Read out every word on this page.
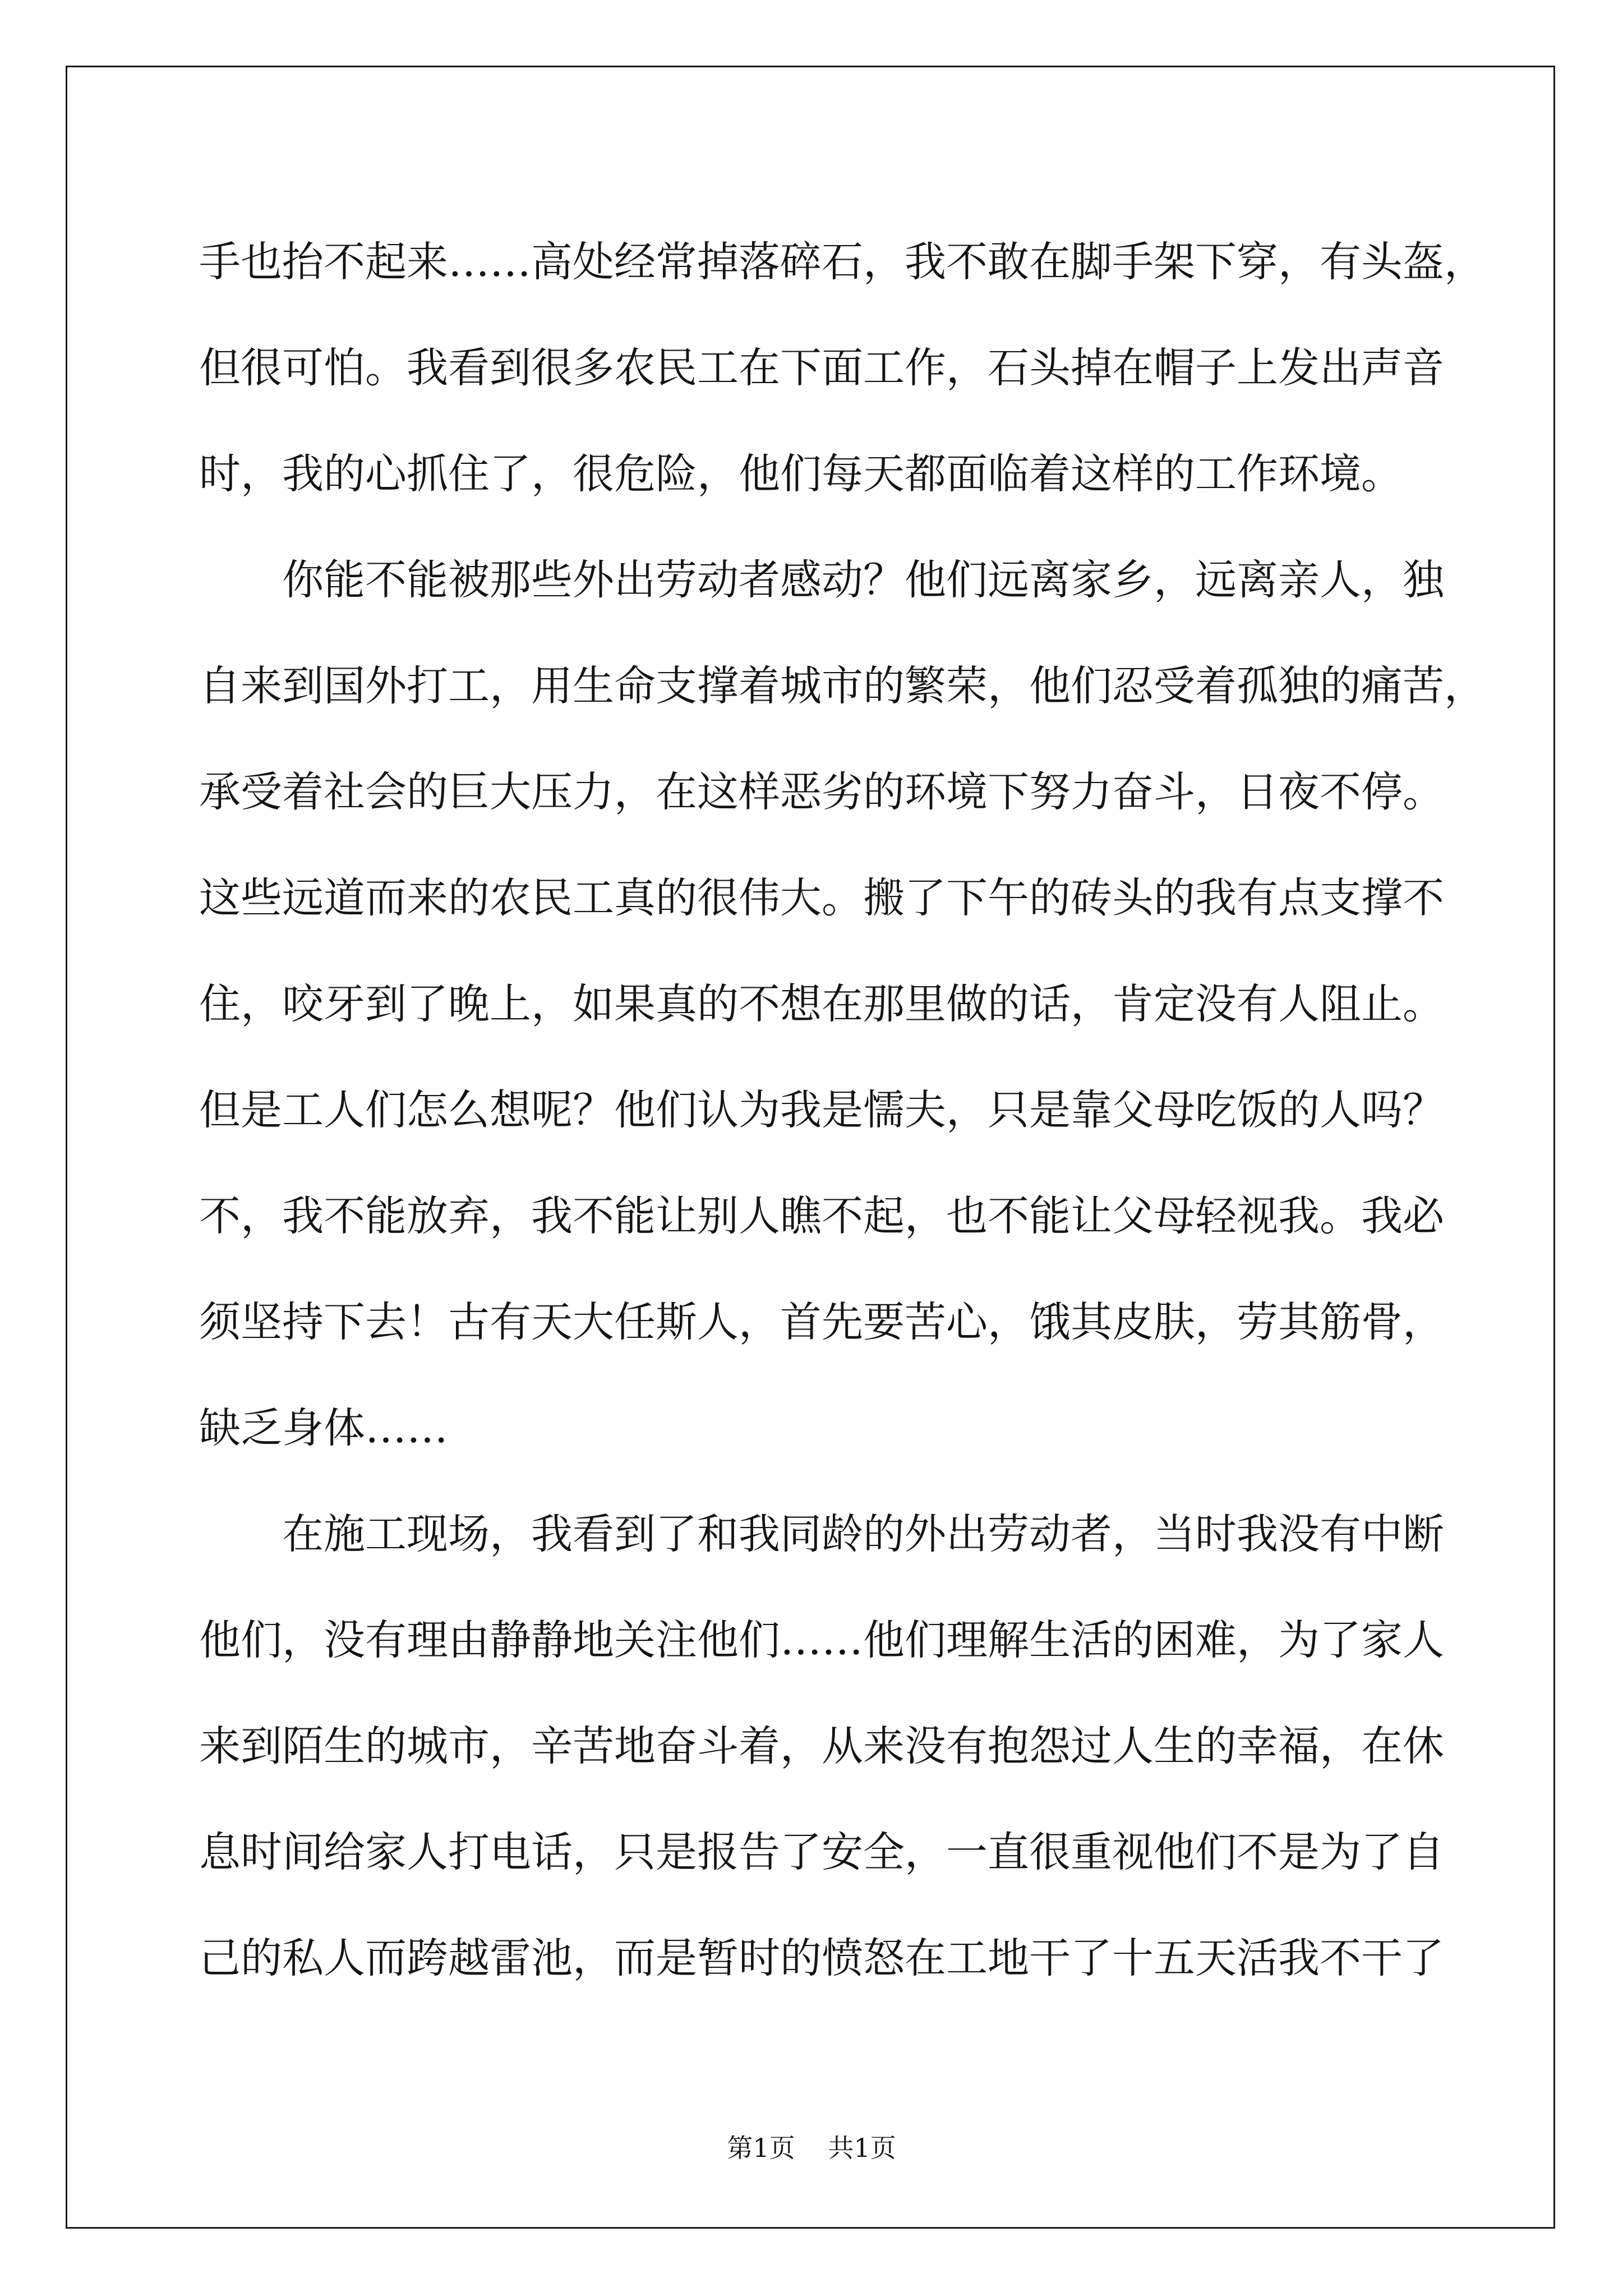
手也抬不起来……高处经常掉落碎石，我不敢在脚手架下穿，有头盔，
但很可怕。我看到很多农民工在下面工作，石头掉在帽子上发出声音
时，我的心抓住了，很危险，他们每天都面临着这样的工作环境。
你能不能被那些外出劳动者感动？他们远离家乡，远离亲人，独
自来到国外打工，用生命支撑着城市的繁荣，他们忍受着孤独的痛苦，
承受着社会的巨大压力，在这样恶劣的环境下努力奋斗，日夜不停。
这些远道而来的农民工真的很伟大。搬了下午的砖头的我有点支撑不
住，咬牙到了晚上，如果真的不想在那里做的话，肯定没有人阻止。
但是工人们怎么想呢？他们认为我是懦夫，只是靠父母吃饭的人吗？
不，我不能放弃，我不能让别人瞧不起，也不能让父母轻视我。我必
须坚持下去！古有天大任斯人，首先要苦心，饿其皮肤，劳其筋骨，
缺乏身体……
在施工现场，我看到了和我同龄的外出劳动者，当时我没有中断
他们，没有理由静静地关注他们……他们理解生活的困难，为了家人
来到陌生的城市，辛苦地奋斗着，从来没有抱怨过人生的幸福，在休
息时间给家人打电话，只是报告了安全，一直很重视他们不是为了自
己的私人而跨越雷池，而是暂时的愤怒在工地干了十五天活我不干了
第1页 共1页
